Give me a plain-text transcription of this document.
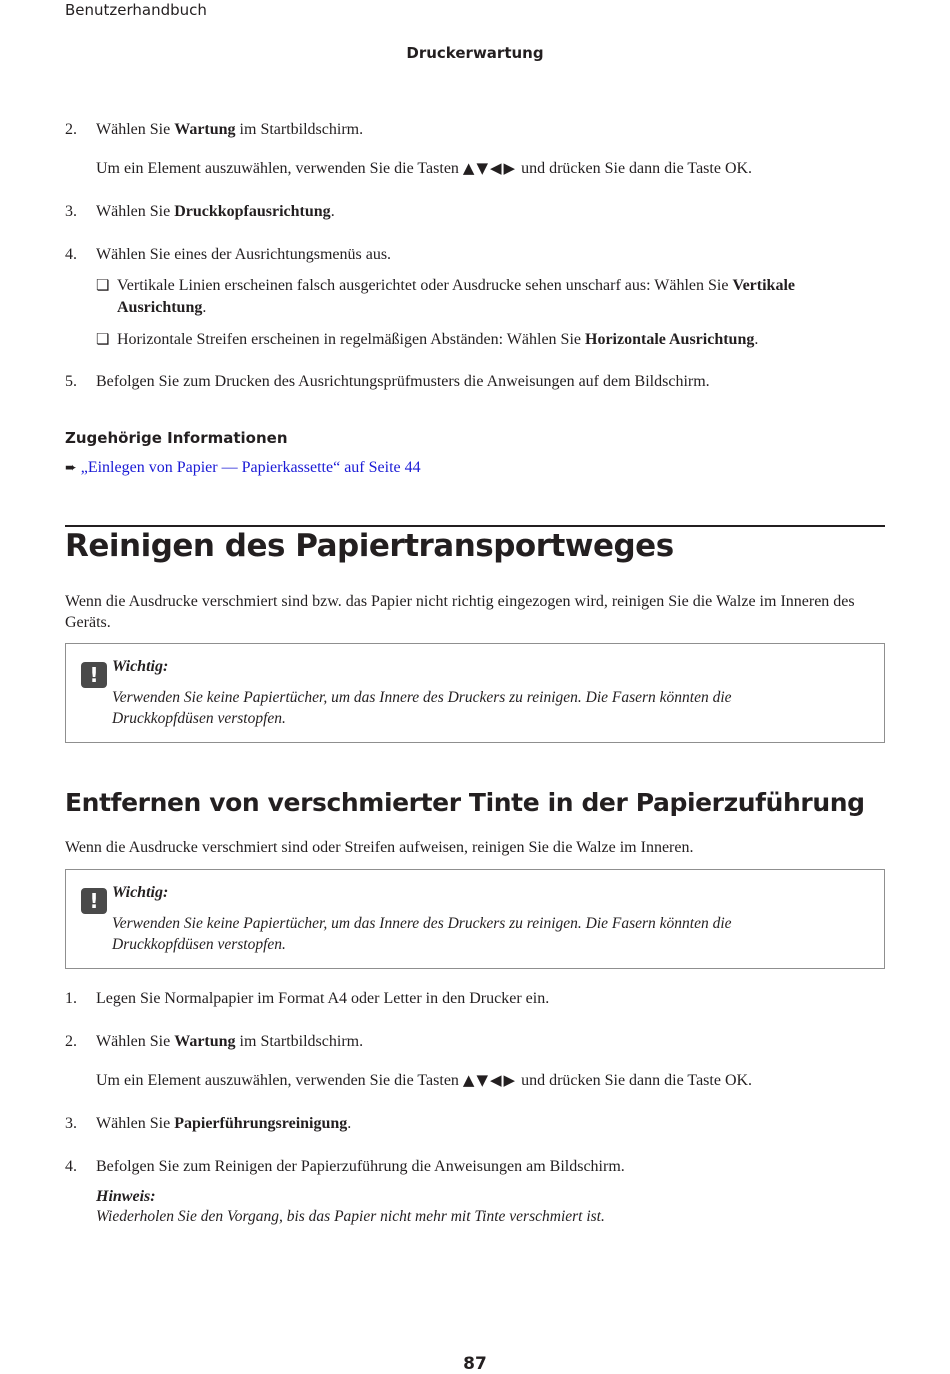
Benutzerhandbuch
Druckerwartung
2. Wählen Sie Wartung im Startbildschirm.
Um ein Element auszuwählen, verwenden Sie die Tasten ▲▼◀▶ und drücken Sie dann die Taste OK.
3. Wählen Sie Druckkopfausrichtung.
4. Wählen Sie eines der Ausrichtungsmenüs aus.
❏ Vertikale Linien erscheinen falsch ausgerichtet oder Ausdrucke sehen unscharf aus: Wählen Sie Vertikale Ausrichtung.
❏ Horizontale Streifen erscheinen in regelmäßigen Abständen: Wählen Sie Horizontale Ausrichtung.
5. Befolgen Sie zum Drucken des Ausrichtungsprüfmusters die Anweisungen auf dem Bildschirm.
Zugehörige Informationen
➨ „Einlegen von Papier — Papierkassette“ auf Seite 44
Reinigen des Papiertransportweges
Wenn die Ausdrucke verschmiert sind bzw. das Papier nicht richtig eingezogen wird, reinigen Sie die Walze im Inneren des Geräts.
! Wichtig:
Verwenden Sie keine Papiertücher, um das Innere des Druckers zu reinigen. Die Fasern könnten die Druckkopfdüsen verstopfen.
Entfernen von verschmierter Tinte in der Papierzuführung
Wenn die Ausdrucke verschmiert sind oder Streifen aufweisen, reinigen Sie die Walze im Inneren.
! Wichtig:
Verwenden Sie keine Papiertücher, um das Innere des Druckers zu reinigen. Die Fasern könnten die Druckkopfdüsen verstopfen.
1. Legen Sie Normalpapier im Format A4 oder Letter in den Drucker ein.
2. Wählen Sie Wartung im Startbildschirm.
Um ein Element auszuwählen, verwenden Sie die Tasten ▲▼◀▶ und drücken Sie dann die Taste OK.
3. Wählen Sie Papierführungsreinigung.
4. Befolgen Sie zum Reinigen der Papierzuführung die Anweisungen am Bildschirm.
Hinweis:
Wiederholen Sie den Vorgang, bis das Papier nicht mehr mit Tinte verschmiert ist.
87
